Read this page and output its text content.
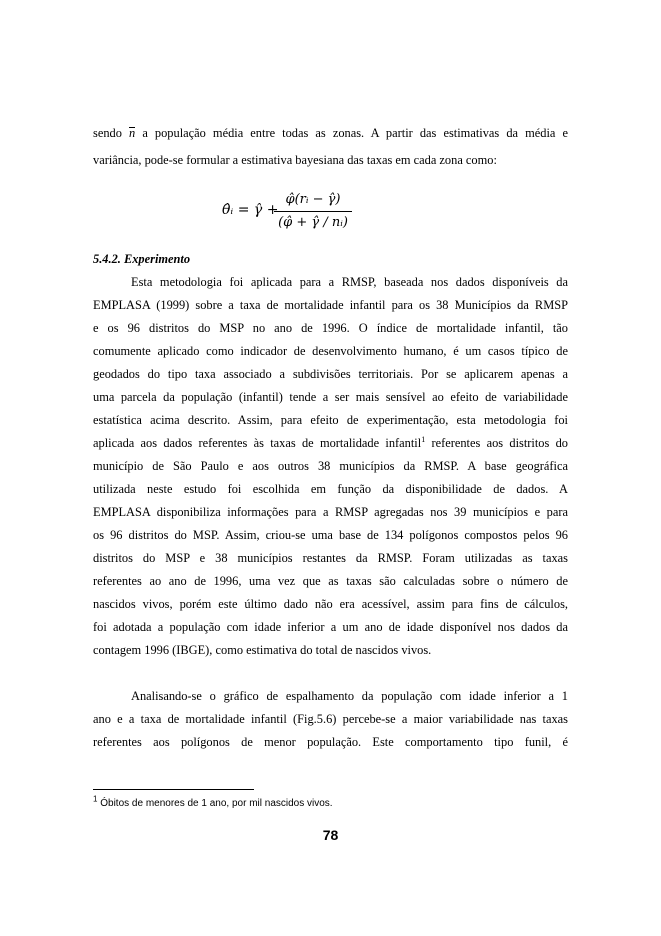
sendo n a população média entre todas as zonas. A partir das estimativas da média e
variância, pode-se formular a estimativa bayesiana das taxas em cada zona como:
θ̂ᵢ = γ̂ +
φ̂(rᵢ − γ̂)
(φ̂ + γ̂ / nᵢ)
5.4.2. Experimento
Esta metodologia foi aplicada para a RMSP, baseada nos dados disponíveis da
EMPLASA (1999) sobre a taxa de mortalidade infantil para os 38 Municípios da RMSP
e os 96 distritos do MSP no ano de 1996. O índice de mortalidade infantil, tão
comumente aplicado como indicador de desenvolvimento humano, é um casos típico de
geodados do tipo taxa associado a subdivisões territoriais. Por se aplicarem apenas a
uma parcela da população (infantil) tende a ser mais sensível ao efeito de variabilidade
estatística acima descrito. Assim, para efeito de experimentação, esta metodologia foi
aplicada aos dados referentes às taxas de mortalidade infantil$^1$ referentes aos distritos do
município de São Paulo e aos outros 38 municípios da RMSP. A base geográfica
utilizada neste estudo foi escolhida em função da disponibilidade de dados. A
EMPLASA disponibiliza informações para a RMSP agregadas nos 39 municípios e para
os 96 distritos do MSP. Assim, criou-se uma base de 134 polígonos compostos pelos 96
distritos do MSP e 38 municípios restantes da RMSP. Foram utilizadas as taxas
referentes ao ano de 1996, uma vez que as taxas são calculadas sobre o número de
nascidos vivos, porém este último dado não era acessível, assim para fins de cálculos,
foi adotada a população com idade inferior a um ano de idade disponível nos dados da
contagem 1996 (IBGE), como estimativa do total de nascidos vivos.
Analisando-se o gráfico de espalhamento da população com idade inferior a 1
ano e a taxa de mortalidade infantil (Fig.5.6) percebe-se a maior variabilidade nas taxas
referentes aos polígonos de menor população. Este comportamento tipo funil, é
$^1$ Óbitos de menores de 1 ano, por mil nascidos vivos.
78
